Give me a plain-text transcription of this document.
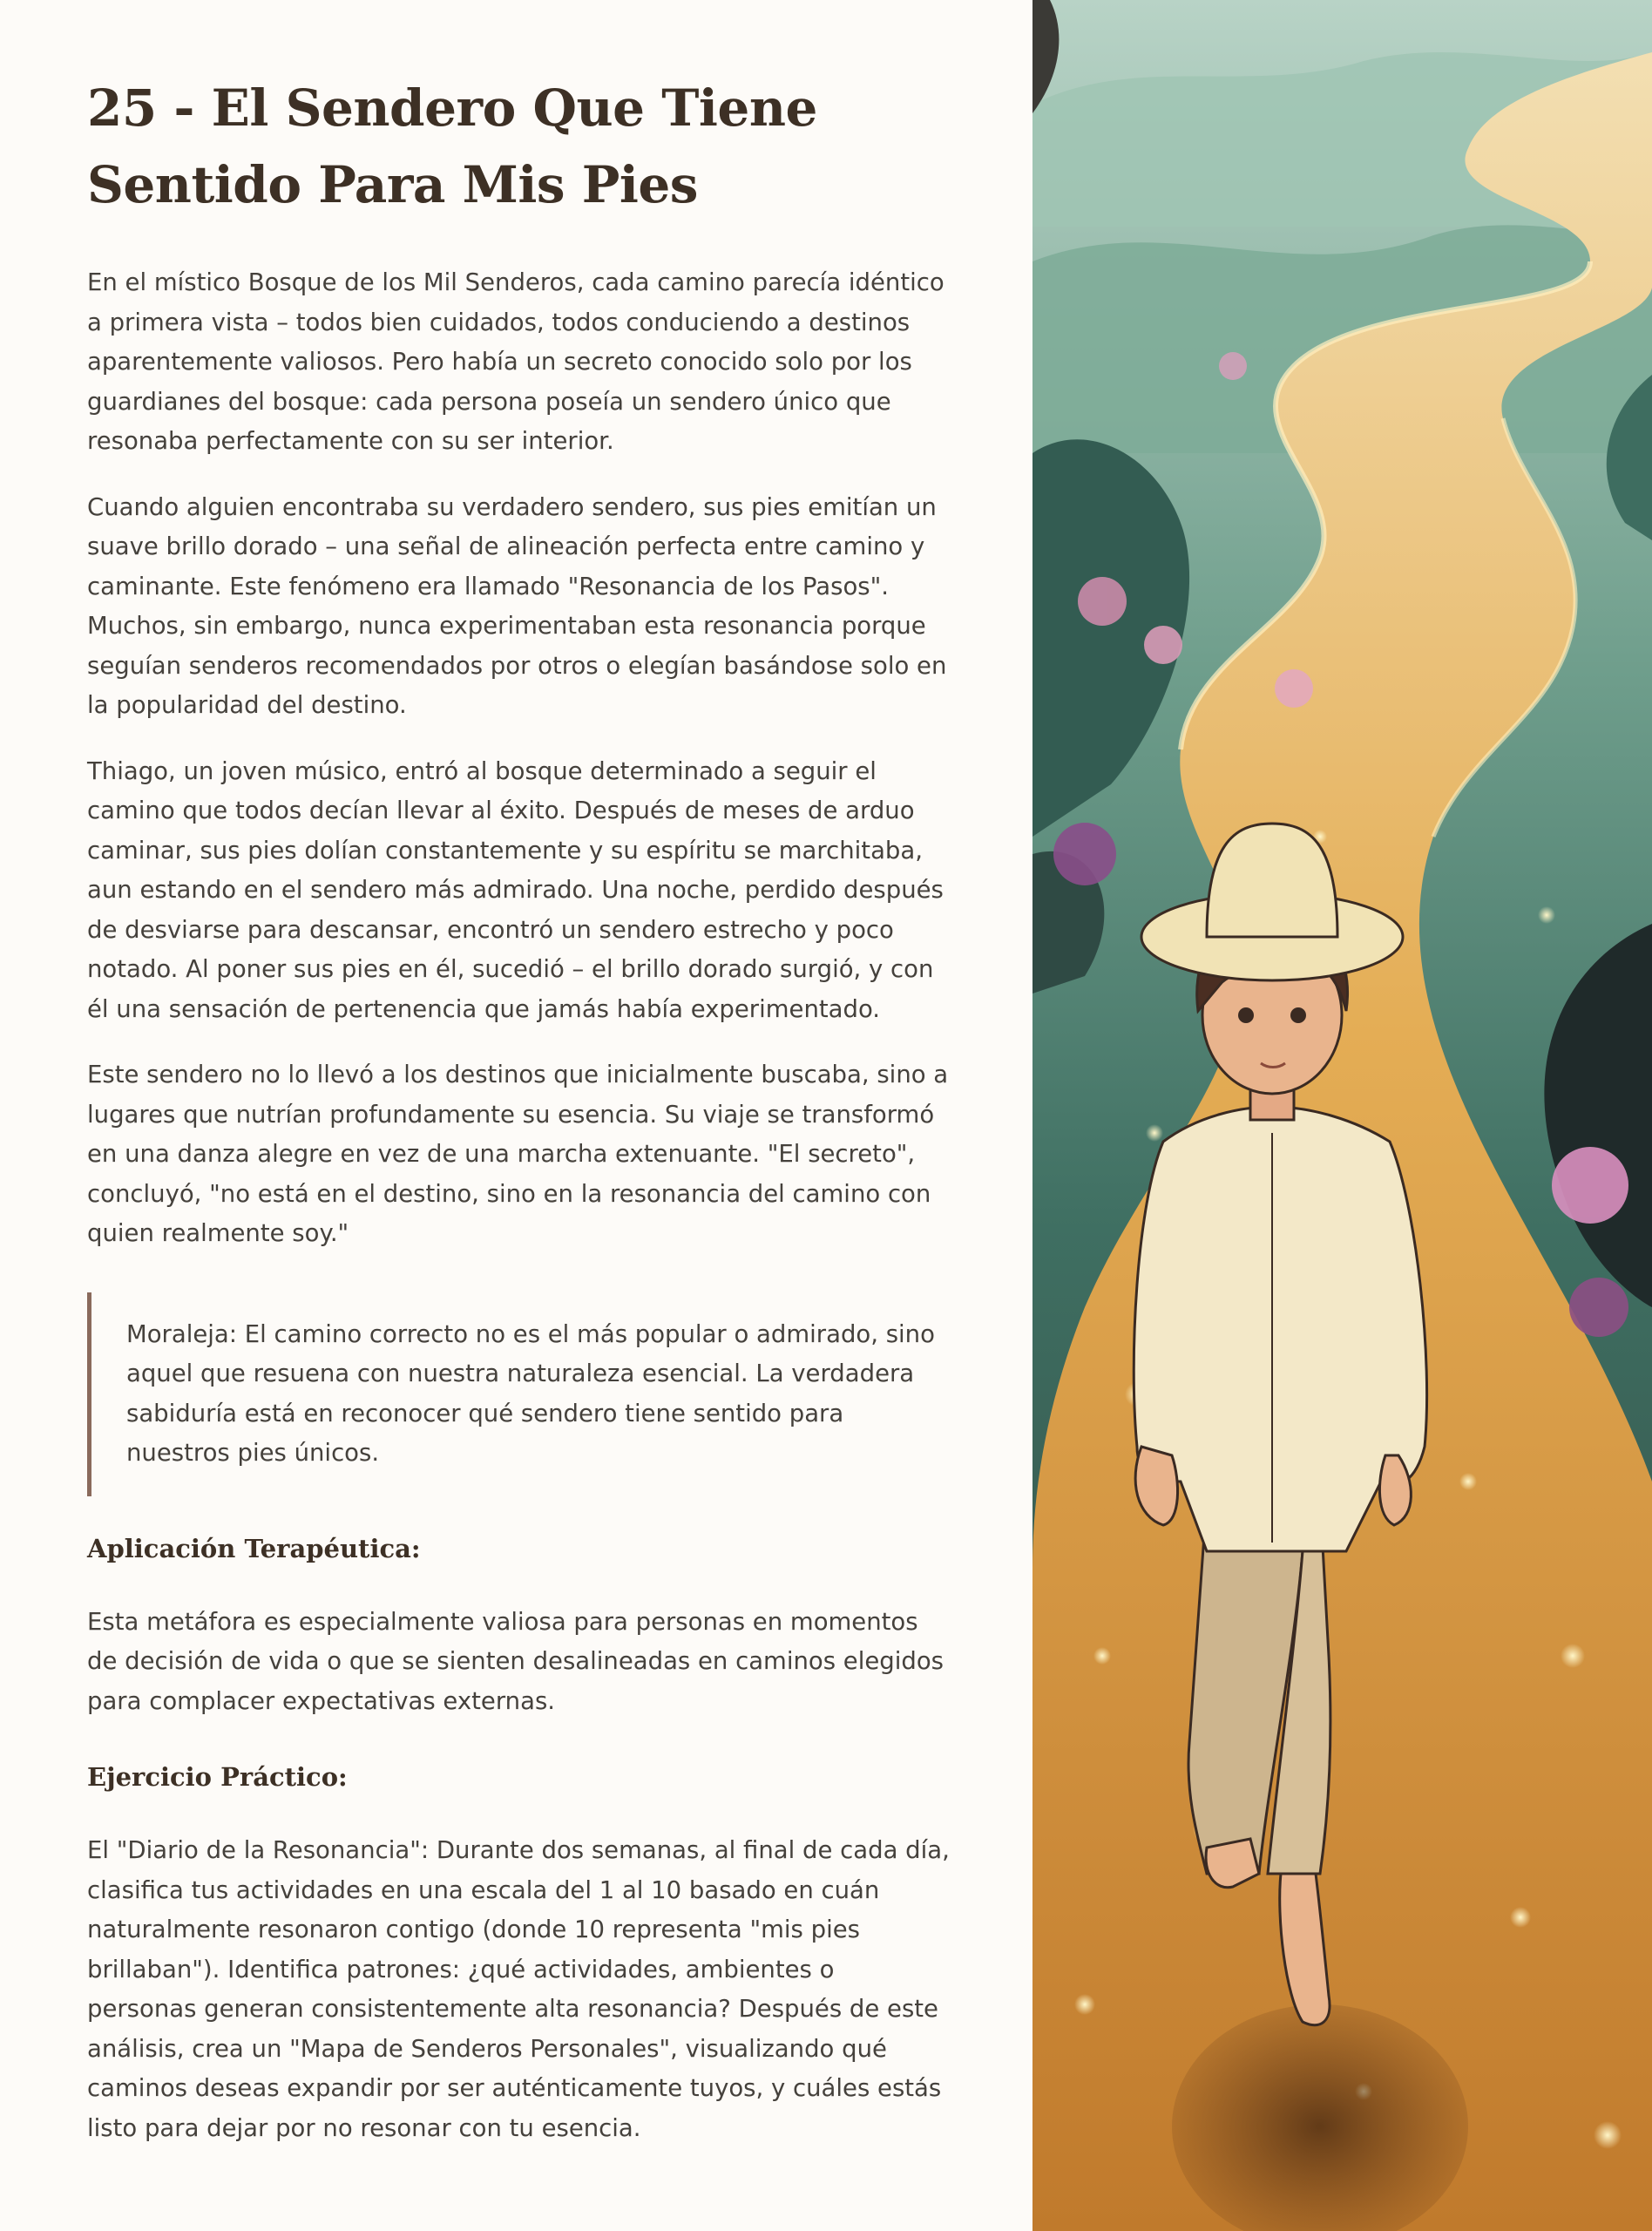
25 - El Sendero Que Tiene
Sentido Para Mis Pies

En el místico Bosque de los Mil Senderos, cada camino parecía idéntico a primera vista – todos bien cuidados, todos conduciendo a destinos aparentemente valiosos. Pero había un secreto conocido solo por los guardianes del bosque: cada persona poseía un sendero único que resonaba perfectamente con su ser interior.

Cuando alguien encontraba su verdadero sendero, sus pies emitían un suave brillo dorado – una señal de alineación perfecta entre camino y caminante. Este fenómeno era llamado "Resonancia de los Pasos". Muchos, sin embargo, nunca experimentaban esta resonancia porque seguían senderos recomendados por otros o elegían basándose solo en la popularidad del destino.

Thiago, un joven músico, entró al bosque determinado a seguir el camino que todos decían llevar al éxito. Después de meses de arduo caminar, sus pies dolían constantemente y su espíritu se marchitaba, aun estando en el sendero más admirado. Una noche, perdido después de desviarse para descansar, encontró un sendero estrecho y poco notado. Al poner sus pies en él, sucedió – el brillo dorado surgió, y con él una sensación de pertenencia que jamás había experimentado.

Este sendero no lo llevó a los destinos que inicialmente buscaba, sino a lugares que nutrían profundamente su esencia. Su viaje se transformó en una danza alegre en vez de una marcha extenuante. "El secreto", concluyó, "no está en el destino, sino en la resonancia del camino con quien realmente soy."

Moraleja: El camino correcto no es el más popular o admirado, sino aquel que resuena con nuestra naturaleza esencial. La verdadera sabiduría está en reconocer qué sendero tiene sentido para nuestros pies únicos.

Aplicación Terapéutica:

Esta metáfora es especialmente valiosa para personas en momentos de decisión de vida o que se sienten desalineadas en caminos elegidos para complacer expectativas externas.

Ejercicio Práctico:

El "Diario de la Resonancia": Durante dos semanas, al final de cada día, clasifica tus actividades en una escala del 1 al 10 basado en cuán naturalmente resonaron contigo (donde 10 representa "mis pies brillaban"). Identifica patrones: ¿qué actividades, ambientes o personas generan consistentemente alta resonancia? Después de este análisis, crea un "Mapa de Senderos Personales", visualizando qué caminos deseas expandir por ser auténticamente tuyos, y cuáles estás listo para dejar por no resonar con tu esencia.
